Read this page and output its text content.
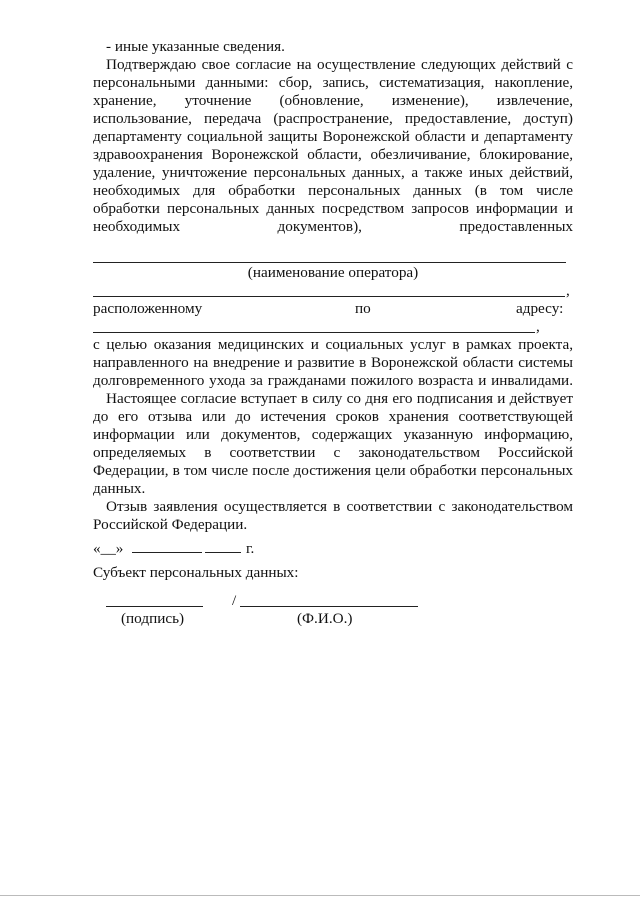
- иные указанные сведения.
Подтверждаю свое согласие на осуществление следующих действий с
персональными данными: сбор, запись, систематизация, накопление,
хранение, уточнение (обновление, изменение), извлечение,
использование, передача (распространение, предоставление, доступ)
департаменту социальной защиты Воронежской области и департаменту
здравоохранения Воронежской области, обезличивание, блокирование,
удаление, уничтожение персональных данных, а также иных действий,
необходимых для обработки персональных данных (в том числе
обработки персональных данных посредством запросов информации и
необходимых документов), предоставленных
(наименование оператора)
,
расположенному	по	адресу:
,
с целью оказания медицинских и социальных услуг в рамках проекта,
направленного на внедрение и развитие в Воронежской области системы
долговременного ухода за гражданами пожилого возраста и инвалидами.
Настоящее согласие вступает в силу со дня его подписания и действует
до его отзыва или до истечения сроков хранения соответствующей
информации или документов, содержащих указанную информацию,
определяемых в соответствии с законодательством Российской
Федерации, в том числе после достижения цели обработки персональных
данных.
Отзыв заявления осуществляется в соответствии с законодательством
Российской Федерации.
«__»	г.
Субъект персональных данных:
/
(подпись)	(Ф.И.О.)
